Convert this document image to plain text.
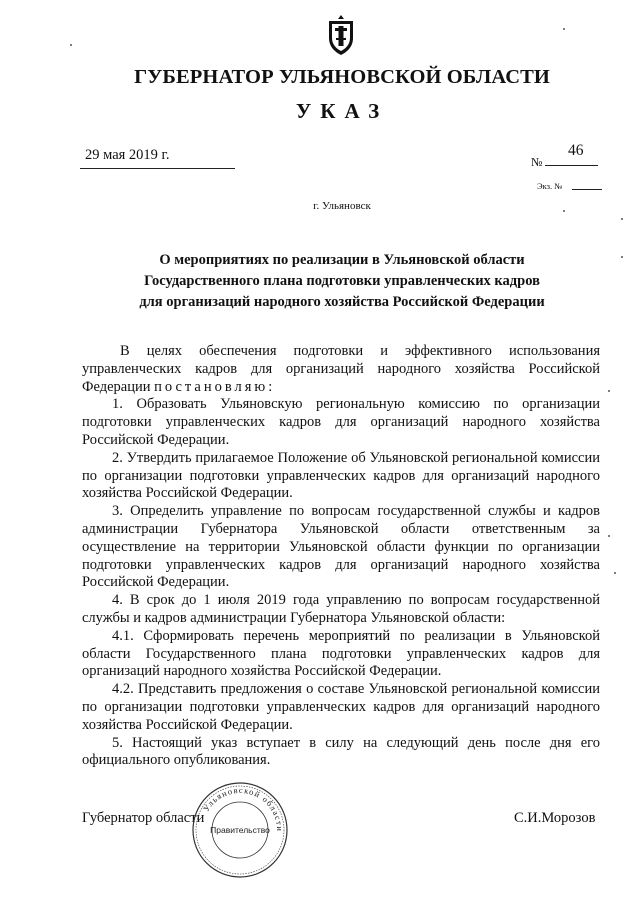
ГУБЕРНАТОР УЛЬЯНОВСКОЙ ОБЛАСТИ
УКАЗ
29 мая 2019 г.	№
46
Экз. №
г. Ульяновск
О мероприятиях по реализации в Ульяновской области
Государственного плана подготовки управленческих кадров
для организаций народного хозяйства Российской Федерации

В целях обеспечения подготовки и эффективного использования управленческих кадров для организаций народного хозяйства Российской Федерации постановляю:

1. Образовать Ульяновскую региональную комиссию по организации подготовки управленческих кадров для организаций народного хозяйства Российской Федерации.

2. Утвердить прилагаемое Положение об Ульяновской региональной комиссии по организации подготовки управленческих кадров для организаций народного хозяйства Российской Федерации.

3. Определить управление по вопросам государственной службы и кадров администрации Губернатора Ульяновской области ответственным за осуществление на территории Ульяновской области функции по организации подготовки управленческих кадров для организаций народного хозяйства Российской Федерации.

4. В срок до 1 июля 2019 года управлению по вопросам государственной службы и кадров администрации Губернатора Ульяновской области:

4.1. Сформировать перечень мероприятий по реализации в Ульяновской области Государственного плана подготовки управленческих кадров для организаций народного хозяйства Российской Федерации.

4.2. Представить предложения о составе Ульяновской региональной комиссии по организации подготовки управленческих кадров для организаций народного хозяйства Российской Федерации.

5. Настоящий указ вступает в силу на следующий день после дня его официального опубликования.

Губернатор области	С.И.Морозов
Ульяновской области
Правительство
